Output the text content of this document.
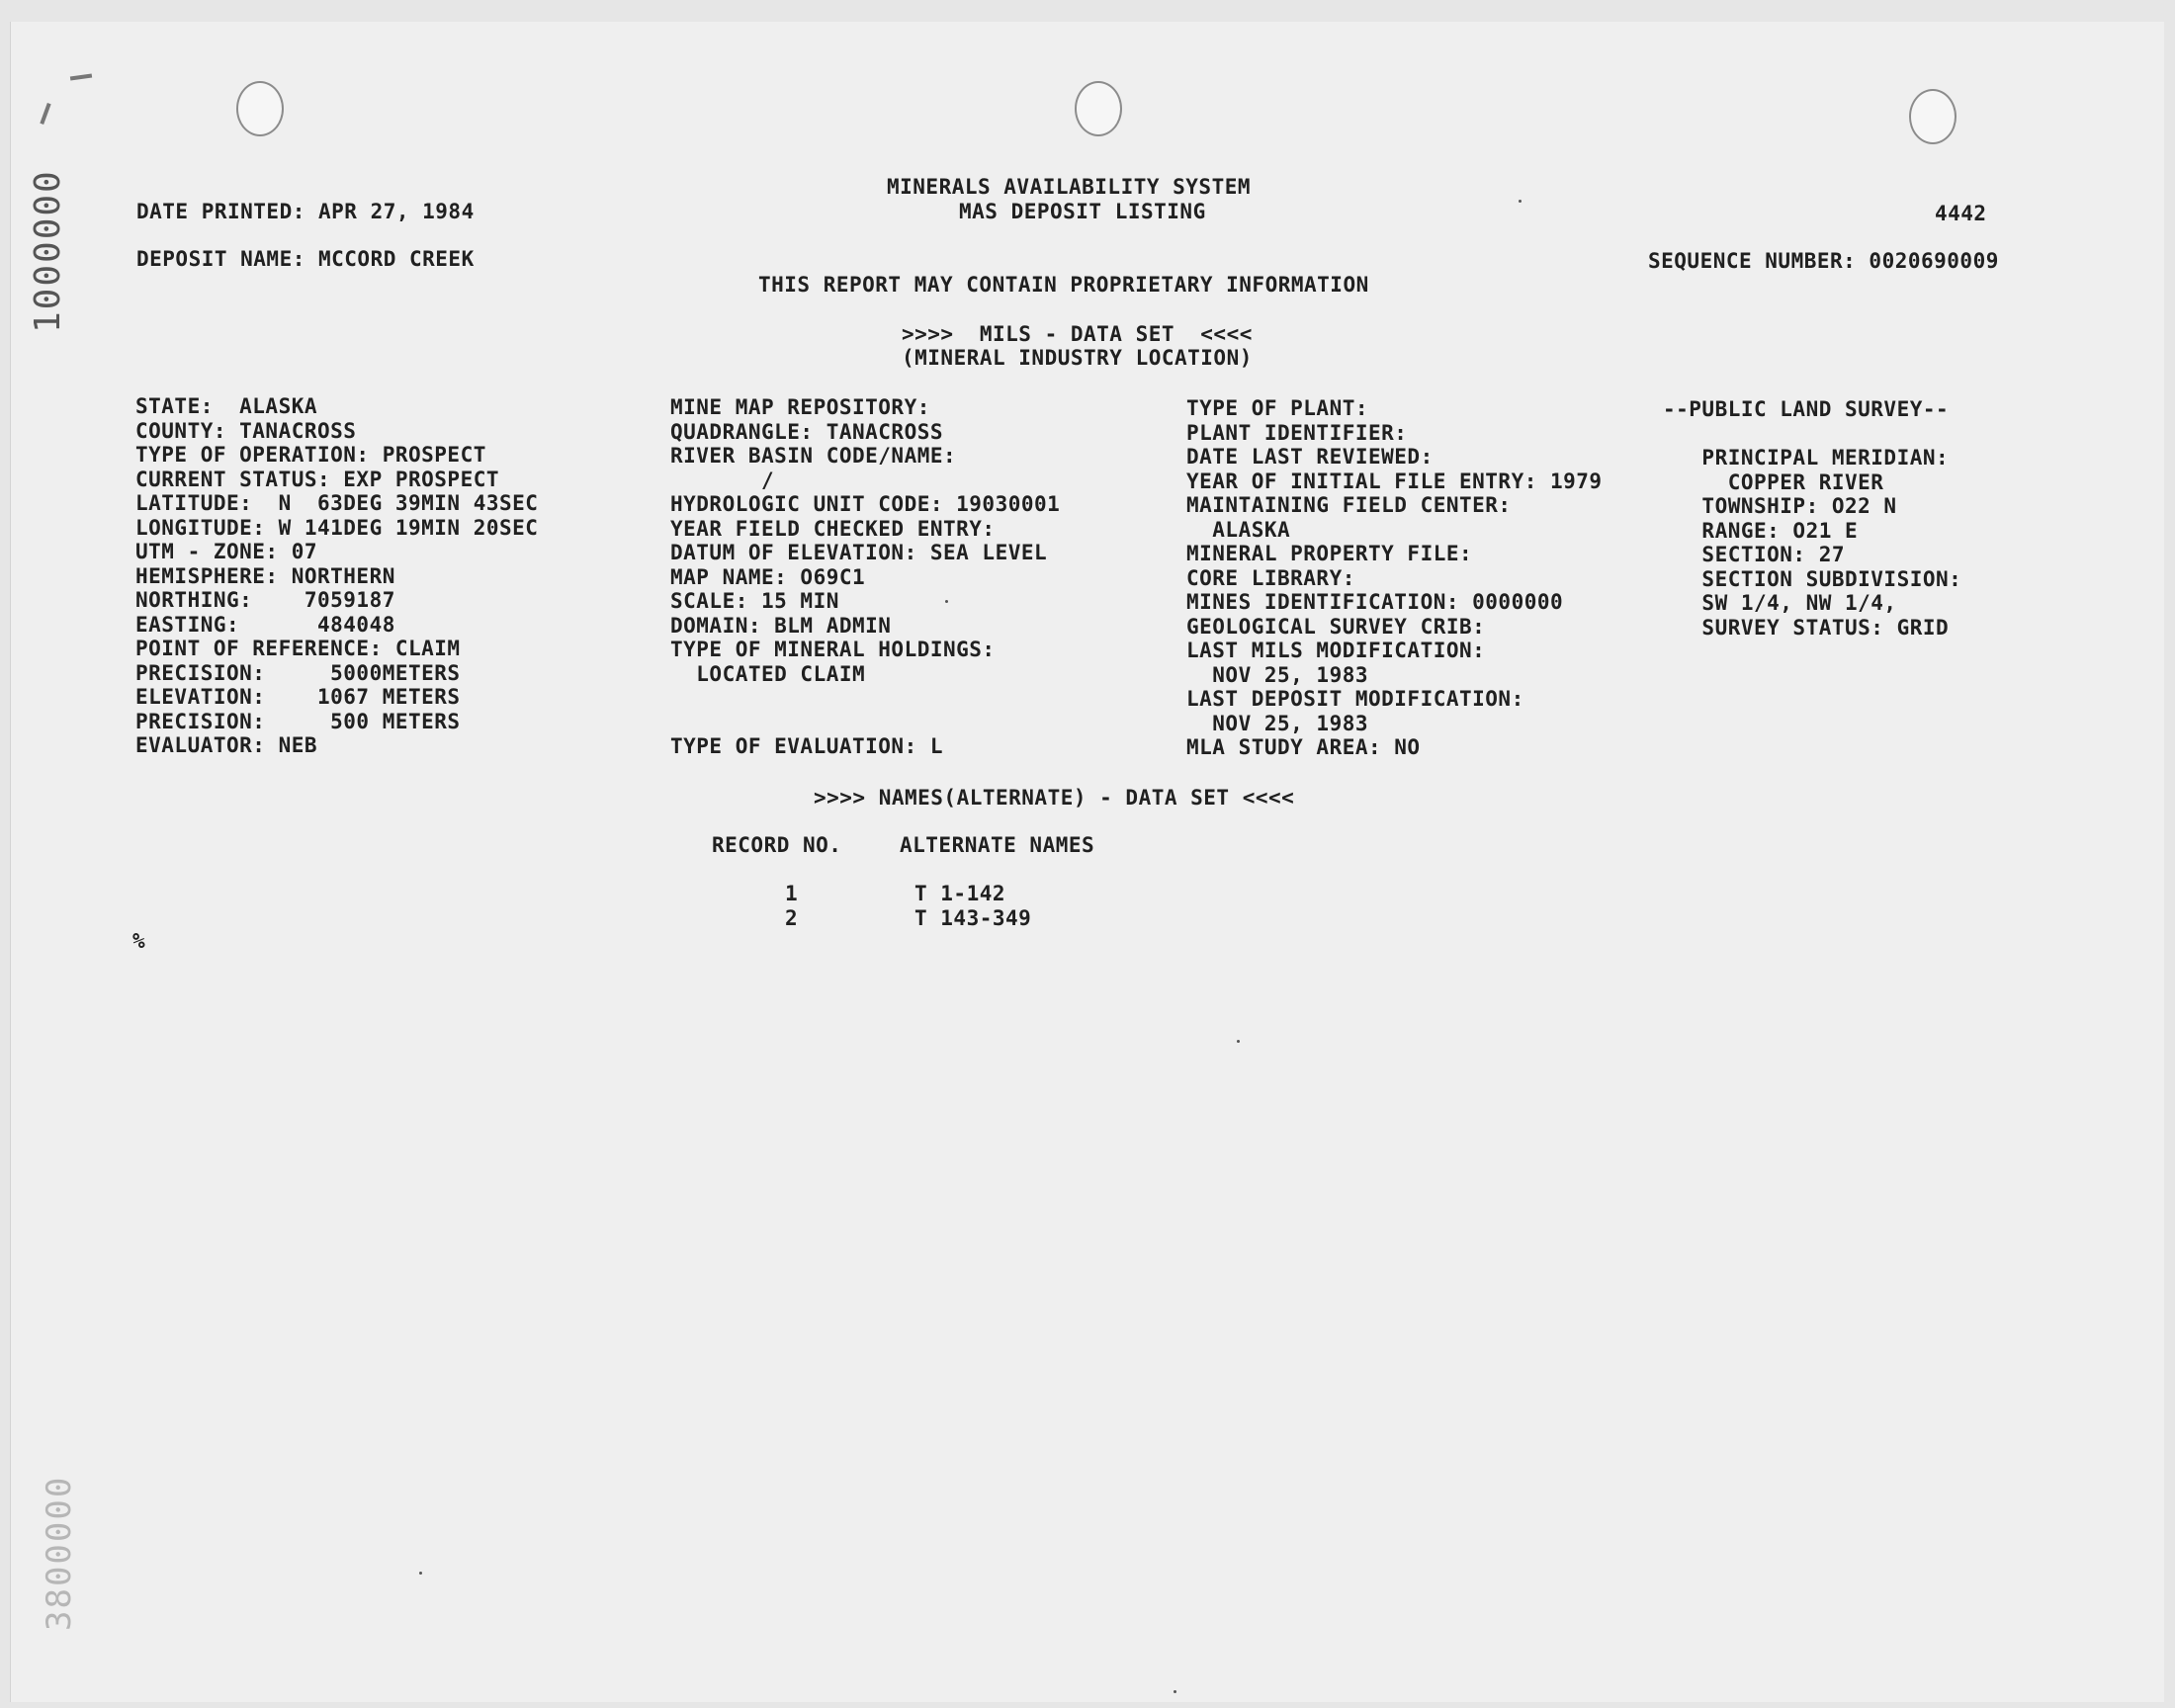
1000000
3800000
MINERALS AVAILABILITY SYSTEM
MAS DEPOSIT LISTING
DATE PRINTED: APR 27, 1984	4442
DEPOSIT NAME: MCCORD CREEK	SEQUENCE NUMBER: 0020690009
THIS REPORT MAY CONTAIN PROPRIETARY INFORMATION
>>>>  MILS - DATA SET  <<<<
(MINERAL INDUSTRY LOCATION)
STATE:  ALASKA
COUNTY: TANACROSS
TYPE OF OPERATION: PROSPECT
CURRENT STATUS: EXP PROSPECT
LATITUDE:  N  63DEG 39MIN 43SEC
LONGITUDE: W 141DEG 19MIN 20SEC
UTM - ZONE: 07
HEMISPHERE: NORTHERN
NORTHING:    7059187
EASTING:      484048
POINT OF REFERENCE: CLAIM
PRECISION:     5000METERS
ELEVATION:    1067 METERS
PRECISION:     500 METERS
EVALUATOR: NEB
MINE MAP REPOSITORY:
QUADRANGLE: TANACROSS
RIVER BASIN CODE/NAME:
/
HYDROLOGIC UNIT CODE: 19030001
YEAR FIELD CHECKED ENTRY:
DATUM OF ELEVATION: SEA LEVEL
MAP NAME: O69C1
SCALE: 15 MIN
DOMAIN: BLM ADMIN
TYPE OF MINERAL HOLDINGS:
LOCATED CLAIM
TYPE OF EVALUATION: L
TYPE OF PLANT:
PLANT IDENTIFIER:
DATE LAST REVIEWED:
YEAR OF INITIAL FILE ENTRY: 1979
MAINTAINING FIELD CENTER:
ALASKA
MINERAL PROPERTY FILE:
CORE LIBRARY:
MINES IDENTIFICATION: 0000000
GEOLOGICAL SURVEY CRIB:
LAST MILS MODIFICATION:
NOV 25, 1983
LAST DEPOSIT MODIFICATION:
NOV 25, 1983
MLA STUDY AREA: NO
--PUBLIC LAND SURVEY--
PRINCIPAL MERIDIAN:
COPPER RIVER
TOWNSHIP: O22 N
RANGE: O21 E
SECTION: 27
SECTION SUBDIVISION:
SW 1/4, NW 1/4,
SURVEY STATUS: GRID
>>>> NAMES(ALTERNATE) - DATA SET <<<<
RECORD NO.	ALTERNATE NAMES
1	T 1-142
2	T 143-349
%
